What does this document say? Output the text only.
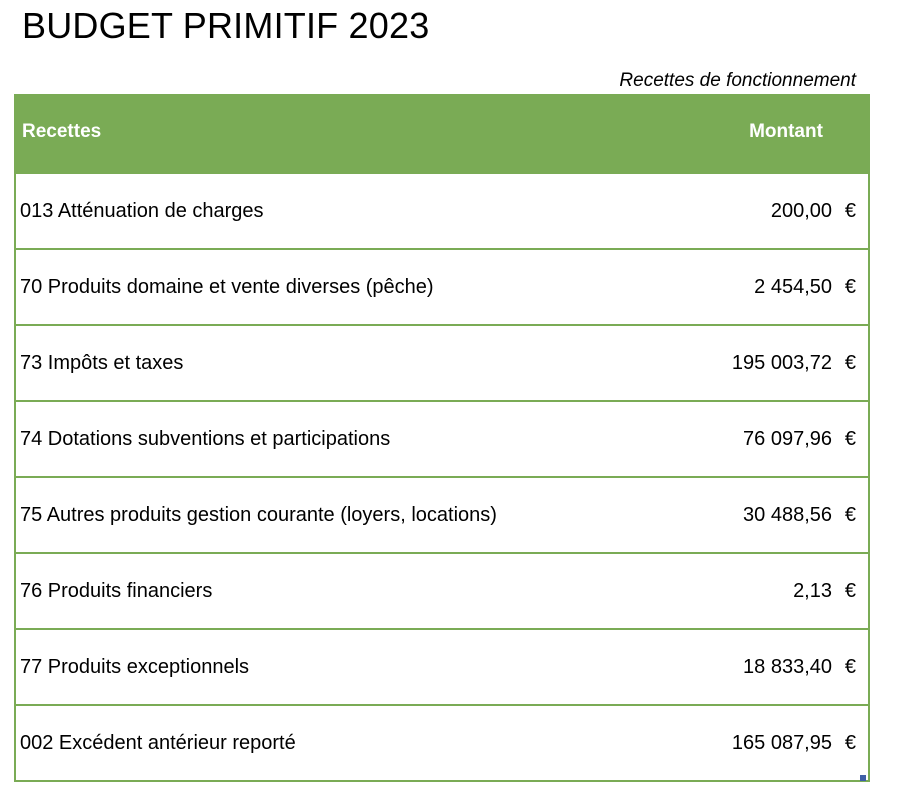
BUDGET PRIMITIF 2023
Recettes de fonctionnement
Recettes	Montant
013 Atténuation de charges	200,00 €
70 Produits domaine et vente diverses (pêche)	2 454,50 €
73 Impôts et taxes	195 003,72 €
74 Dotations subventions et participations	76 097,96 €
75 Autres produits gestion courante (loyers, locations)	30 488,56 €
76 Produits financiers	2,13 €
77 Produits exceptionnels	18 833,40 €
002 Excédent antérieur reporté	165 087,95 €
